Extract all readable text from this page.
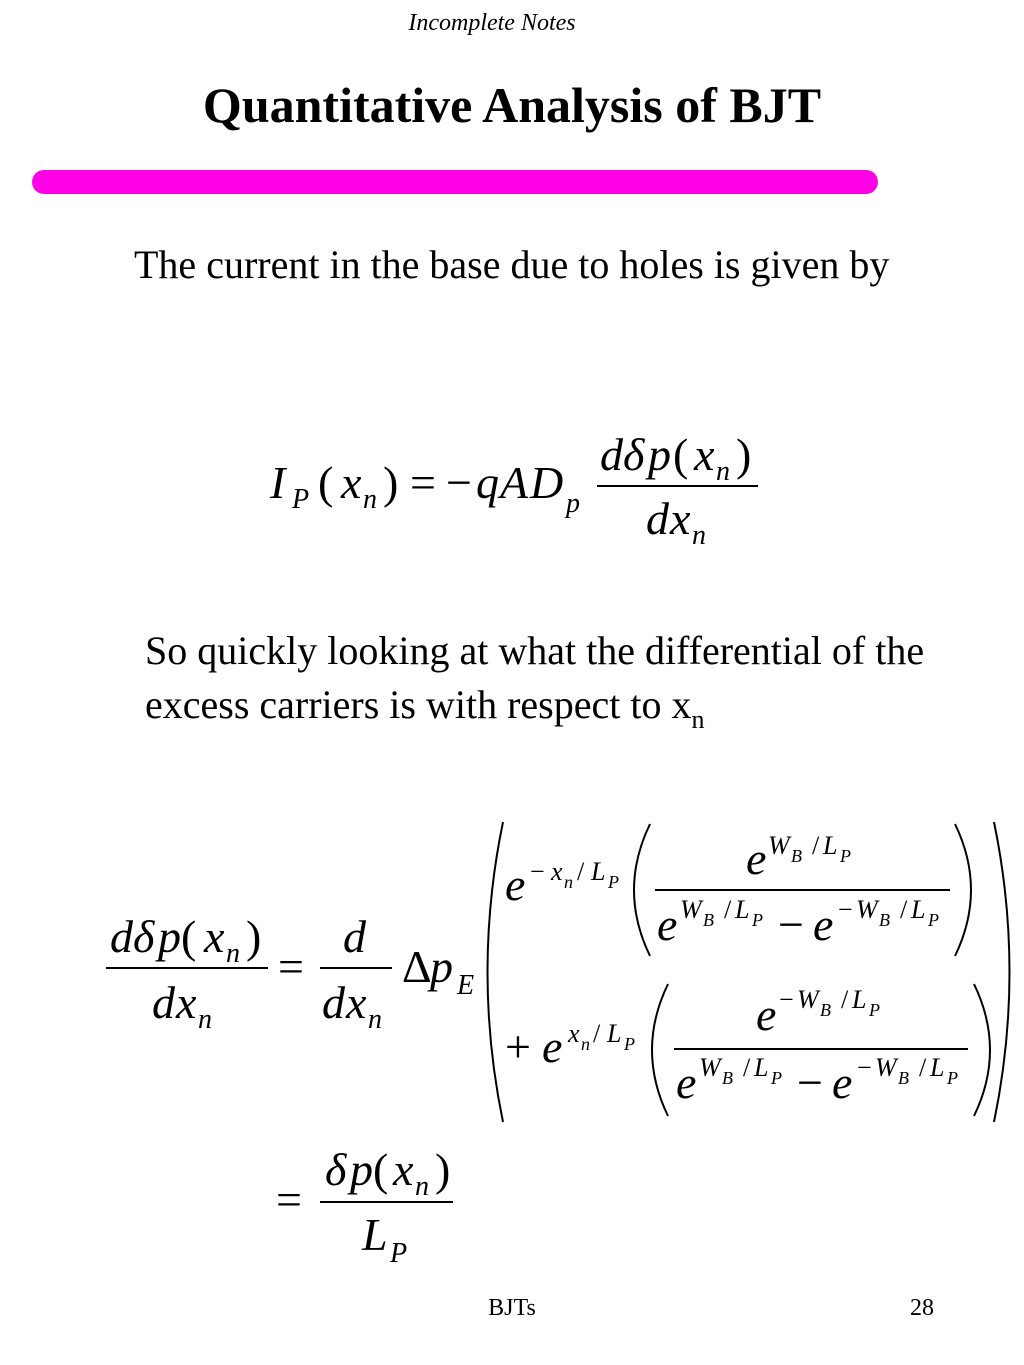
Incomplete Notes
Quantitative Analysis of BJT
The current in the base due to holes is given by
I P x n q A D p
d δ p x n
d x n
( ) = −
( )
So quickly looking at what the differential of the excess carriers is with respect to $x_n$
d δ p x n
d x n
d
d x n
p E
e x n L P	e W B L P
e W B L P e W B L P
e x n L P
e W B L P
e W B L P e W B L P
( )
= Δ
− /
/
/ − − /
+ /
− /
/ − − /
=
( )
δ p x n
L P
BJTs	28
